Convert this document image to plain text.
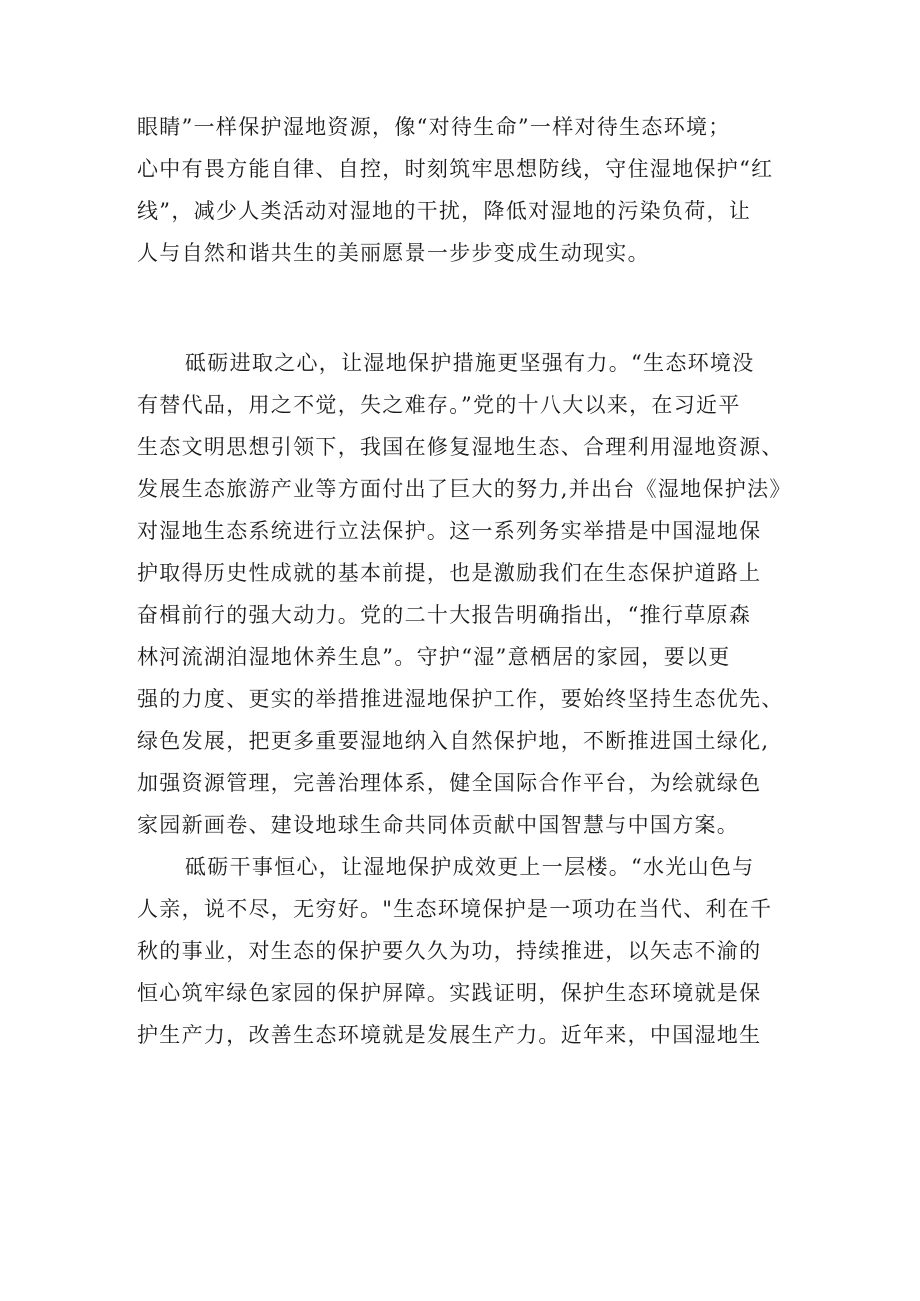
眼睛”一样保护湿地资源，像“对待生命”一样对待生态环境；
心中有畏方能自律、自控，时刻筑牢思想防线，守住湿地保护“红
线”，减少人类活动对湿地的干扰，降低对湿地的污染负荷，让
人与自然和谐共生的美丽愿景一步步变成生动现实。
砥砺进取之心，让湿地保护措施更坚强有力。“生态环境没
有替代品，用之不觉，失之难存。”党的十八大以来，在习近平
生态文明思想引领下，我国在修复湿地生态、合理利用湿地资源、
发展生态旅游产业等方面付出了巨大的努力,并出台《湿地保护法》
对湿地生态系统进行立法保护。这一系列务实举措是中国湿地保
护取得历史性成就的基本前提，也是激励我们在生态保护道路上
奋楫前行的强大动力。党的二十大报告明确指出，“推行草原森
林河流湖泊湿地休养生息”。守护“湿”意栖居的家园，要以更
强的力度、更实的举措推进湿地保护工作，要始终坚持生态优先、
绿色发展，把更多重要湿地纳入自然保护地，不断推进国土绿化,
加强资源管理，完善治理体系，健全国际合作平台，为绘就绿色
家园新画卷、建设地球生命共同体贡献中国智慧与中国方案。
砥砺干事恒心，让湿地保护成效更上一层楼。“水光山色与
人亲，说不尽，无穷好。"生态环境保护是一项功在当代、利在千
秋的事业，对生态的保护要久久为功，持续推进，以矢志不渝的
恒心筑牢绿色家园的保护屏障。实践证明，保护生态环境就是保
护生产力，改善生态环境就是发展生产力。近年来，中国湿地生
